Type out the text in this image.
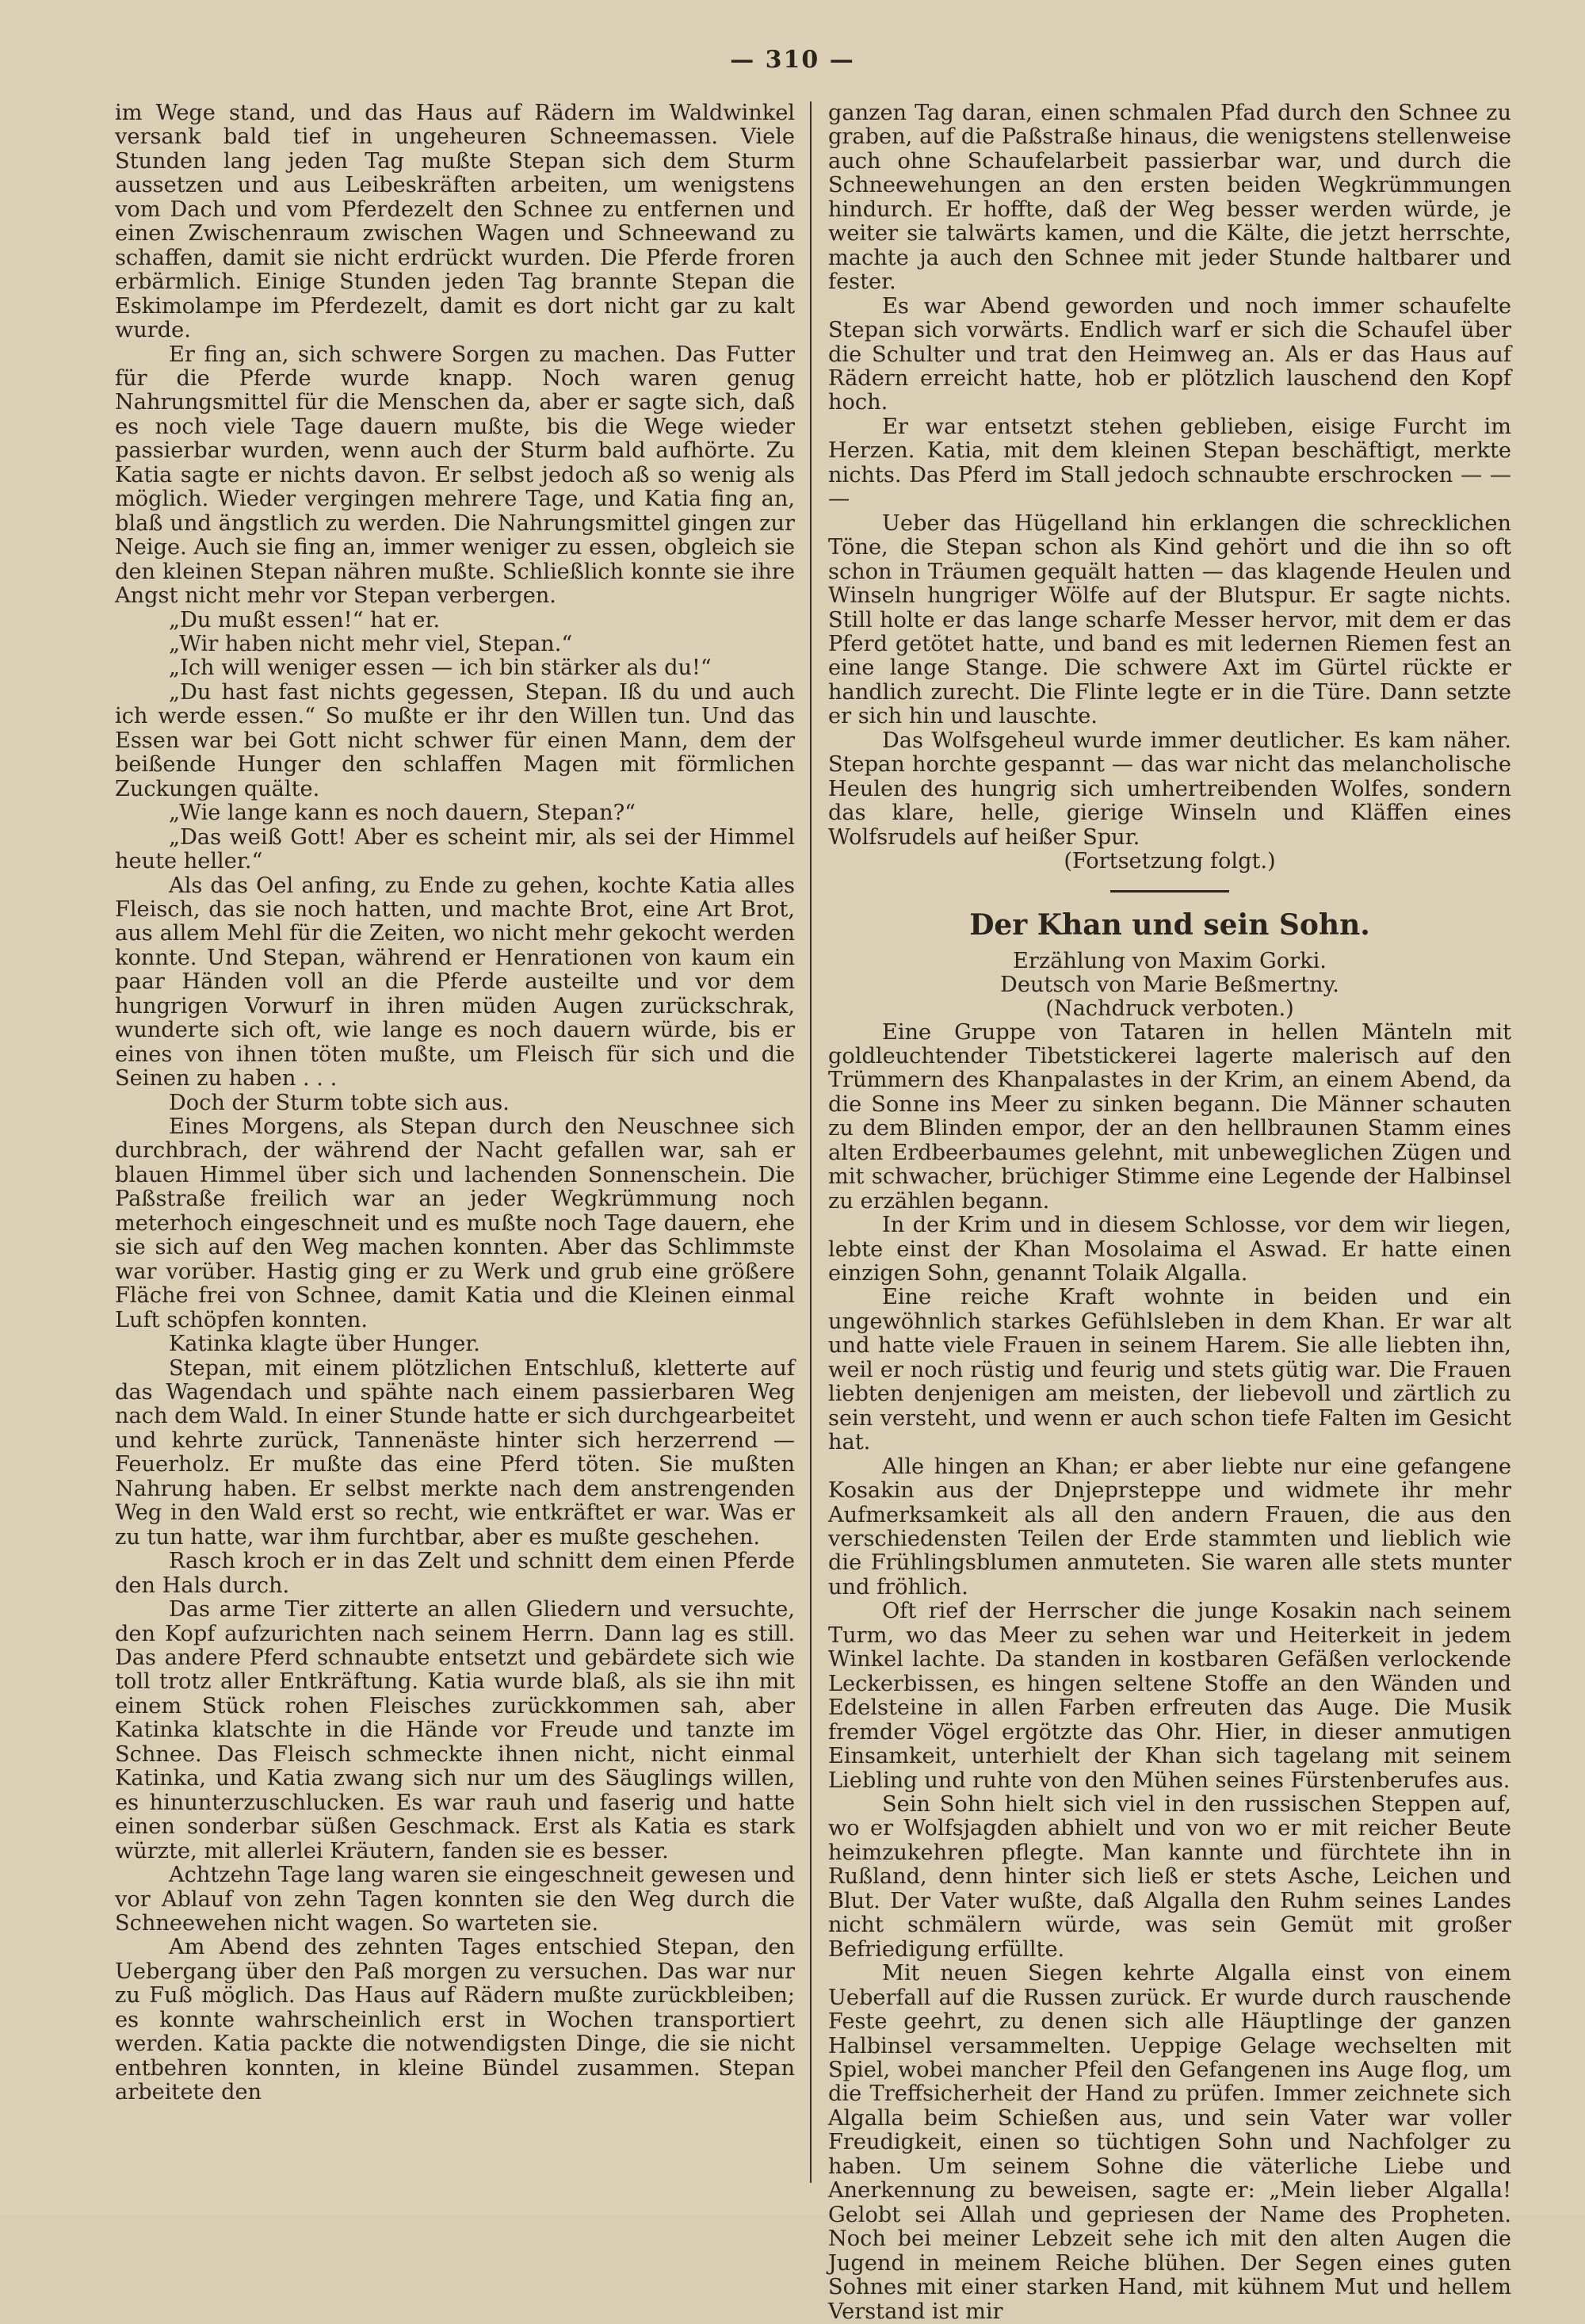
— 310 —

im Wege stand, und das Haus auf Rädern im Waldwinkel versank bald tief in ungeheuren Schneemassen. Viele Stunden lang jeden Tag mußte Stepan sich dem Sturm aussetzen und aus Leibeskräften arbeiten, um wenigstens vom Dach und vom Pferdezelt den Schnee zu entfernen und einen Zwischenraum zwischen Wagen und Schneewand zu schaffen, damit sie nicht erdrückt wurden. Die Pferde froren erbärmlich. Einige Stunden jeden Tag brannte Stepan die Eskimolampe im Pferdezelt, damit es dort nicht gar zu kalt wurde.

Er fing an, sich schwere Sorgen zu machen. Das Futter für die Pferde wurde knapp. Noch waren genug Nahrungsmittel für die Menschen da, aber er sagte sich, daß es noch viele Tage dauern mußte, bis die Wege wieder passierbar wurden, wenn auch der Sturm bald aufhörte. Zu Katia sagte er nichts davon. Er selbst jedoch aß so wenig als möglich. Wieder vergingen mehrere Tage, und Katia fing an, blaß und ängstlich zu werden. Die Nahrungsmittel gingen zur Neige. Auch sie fing an, immer weniger zu essen, obgleich sie den kleinen Stepan nähren mußte. Schließlich konnte sie ihre Angst nicht mehr vor Stepan verbergen.

„Du mußt essen!“ hat er.

„Wir haben nicht mehr viel, Stepan.“

„Ich will weniger essen — ich bin stärker als du!“

„Du hast fast nichts gegessen, Stepan. Iß du und auch ich werde essen.“ So mußte er ihr den Willen tun. Und das Essen war bei Gott nicht schwer für einen Mann, dem der beißende Hunger den schlaffen Magen mit förmlichen Zuckungen quälte.

„Wie lange kann es noch dauern, Stepan?“

„Das weiß Gott! Aber es scheint mir, als sei der Himmel heute heller.“

Als das Oel anfing, zu Ende zu gehen, kochte Katia alles Fleisch, das sie noch hatten, und machte Brot, eine Art Brot, aus allem Mehl für die Zeiten, wo nicht mehr gekocht werden konnte. Und Stepan, während er Henrationen von kaum ein paar Händen voll an die Pferde austeilte und vor dem hungrigen Vorwurf in ihren müden Augen zurückschrak, wunderte sich oft, wie lange es noch dauern würde, bis er eines von ihnen töten mußte, um Fleisch für sich und die Seinen zu haben . . .

Doch der Sturm tobte sich aus.

Eines Morgens, als Stepan durch den Neuschnee sich durchbrach, der während der Nacht gefallen war, sah er blauen Himmel über sich und lachenden Sonnenschein. Die Paßstraße freilich war an jeder Wegkrümmung noch meterhoch eingeschneit und es mußte noch Tage dauern, ehe sie sich auf den Weg machen konnten. Aber das Schlimmste war vorüber. Hastig ging er zu Werk und grub eine größere Fläche frei von Schnee, damit Katia und die Kleinen einmal Luft schöpfen konnten.

Katinka klagte über Hunger.

Stepan, mit einem plötzlichen Entschluß, kletterte auf das Wagendach und spähte nach einem passierbaren Weg nach dem Wald. In einer Stunde hatte er sich durchgearbeitet und kehrte zurück, Tannenäste hinter sich herzerrend — Feuerholz. Er mußte das eine Pferd töten. Sie mußten Nahrung haben. Er selbst merkte nach dem anstrengenden Weg in den Wald erst so recht, wie entkräftet er war. Was er zu tun hatte, war ihm furchtbar, aber es mußte geschehen.

Rasch kroch er in das Zelt und schnitt dem einen Pferde den Hals durch.

Das arme Tier zitterte an allen Gliedern und versuchte, den Kopf aufzurichten nach seinem Herrn. Dann lag es still. Das andere Pferd schnaubte entsetzt und gebärdete sich wie toll trotz aller Entkräftung. Katia wurde blaß, als sie ihn mit einem Stück rohen Fleisches zurückkommen sah, aber Katinka klatschte in die Hände vor Freude und tanzte im Schnee. Das Fleisch schmeckte ihnen nicht, nicht einmal Katinka, und Katia zwang sich nur um des Säuglings willen, es hinunterzuschlucken. Es war rauh und faserig und hatte einen sonderbar süßen Geschmack. Erst als Katia es stark würzte, mit allerlei Kräutern, fanden sie es besser.

Achtzehn Tage lang waren sie eingeschneit gewesen und vor Ablauf von zehn Tagen konnten sie den Weg durch die Schneewehen nicht wagen. So warteten sie.

Am Abend des zehnten Tages entschied Stepan, den Uebergang über den Paß morgen zu versuchen. Das war nur zu Fuß möglich. Das Haus auf Rädern mußte zurückbleiben; es konnte wahrscheinlich erst in Wochen transportiert werden. Katia packte die notwendigsten Dinge, die sie nicht entbehren konnten, in kleine Bündel zusammen. Stepan arbeitete den

ganzen Tag daran, einen schmalen Pfad durch den Schnee zu graben, auf die Paßstraße hinaus, die wenigstens stellenweise auch ohne Schaufelarbeit passierbar war, und durch die Schneewehungen an den ersten beiden Wegkrümmungen hindurch. Er hoffte, daß der Weg besser werden würde, je weiter sie talwärts kamen, und die Kälte, die jetzt herrschte, machte ja auch den Schnee mit jeder Stunde haltbarer und fester.

Es war Abend geworden und noch immer schaufelte Stepan sich vorwärts. Endlich warf er sich die Schaufel über die Schulter und trat den Heimweg an. Als er das Haus auf Rädern erreicht hatte, hob er plötzlich lauschend den Kopf hoch.

Er war entsetzt stehen geblieben, eisige Furcht im Herzen. Katia, mit dem kleinen Stepan beschäftigt, merkte nichts. Das Pferd im Stall jedoch schnaubte erschrocken — — —

Ueber das Hügelland hin erklangen die schrecklichen Töne, die Stepan schon als Kind gehört und die ihn so oft schon in Träumen gequält hatten — das klagende Heulen und Winseln hungriger Wölfe auf der Blutspur. Er sagte nichts. Still holte er das lange scharfe Messer hervor, mit dem er das Pferd getötet hatte, und band es mit ledernen Riemen fest an eine lange Stange. Die schwere Axt im Gürtel rückte er handlich zurecht. Die Flinte legte er in die Türe. Dann setzte er sich hin und lauschte.

Das Wolfsgeheul wurde immer deutlicher. Es kam näher. Stepan horchte gespannt — das war nicht das melancholische Heulen des hungrig sich umhertreibenden Wolfes, sondern das klare, helle, gierige Winseln und Kläffen eines Wolfsrudels auf heißer Spur.

(Fortsetzung folgt.)

Der Khan und sein Sohn.
Erzählung von Maxim Gorki.
Deutsch von Marie Beßmertny.
(Nachdruck verboten.)

Eine Gruppe von Tataren in hellen Mänteln mit goldleuchtender Tibetstickerei lagerte malerisch auf den Trümmern des Khanpalastes in der Krim, an einem Abend, da die Sonne ins Meer zu sinken begann. Die Männer schauten zu dem Blinden empor, der an den hellbraunen Stamm eines alten Erdbeerbaumes gelehnt, mit unbeweglichen Zügen und mit schwacher, brüchiger Stimme eine Legende der Halbinsel zu erzählen begann.

In der Krim und in diesem Schlosse, vor dem wir liegen, lebte einst der Khan Mosolaima el Aswad. Er hatte einen einzigen Sohn, genannt Tolaik Algalla.

Eine reiche Kraft wohnte in beiden und ein ungewöhnlich starkes Gefühlsleben in dem Khan. Er war alt und hatte viele Frauen in seinem Harem. Sie alle liebten ihn, weil er noch rüstig und feurig und stets gütig war. Die Frauen liebten denjenigen am meisten, der liebevoll und zärtlich zu sein versteht, und wenn er auch schon tiefe Falten im Gesicht hat.

Alle hingen an Khan; er aber liebte nur eine gefangene Kosakin aus der Dnjeprsteppe und widmete ihr mehr Aufmerksamkeit als all den andern Frauen, die aus den verschiedensten Teilen der Erde stammten und lieblich wie die Frühlingsblumen anmuteten. Sie waren alle stets munter und fröhlich.

Oft rief der Herrscher die junge Kosakin nach seinem Turm, wo das Meer zu sehen war und Heiterkeit in jedem Winkel lachte. Da standen in kostbaren Gefäßen verlockende Leckerbissen, es hingen seltene Stoffe an den Wänden und Edelsteine in allen Farben erfreuten das Auge. Die Musik fremder Vögel ergötzte das Ohr. Hier, in dieser anmutigen Einsamkeit, unterhielt der Khan sich tagelang mit seinem Liebling und ruhte von den Mühen seines Fürstenberufes aus.

Sein Sohn hielt sich viel in den russischen Steppen auf, wo er Wolfsjagden abhielt und von wo er mit reicher Beute heimzukehren pflegte. Man kannte und fürchtete ihn in Rußland, denn hinter sich ließ er stets Asche, Leichen und Blut. Der Vater wußte, daß Algalla den Ruhm seines Landes nicht schmälern würde, was sein Gemüt mit großer Befriedigung erfüllte.

Mit neuen Siegen kehrte Algalla einst von einem Ueberfall auf die Russen zurück. Er wurde durch rauschende Feste geehrt, zu denen sich alle Häuptlinge der ganzen Halbinsel versammelten. Ueppige Gelage wechselten mit Spiel, wobei mancher Pfeil den Gefangenen ins Auge flog, um die Treffsicherheit der Hand zu prüfen. Immer zeichnete sich Algalla beim Schießen aus, und sein Vater war voller Freudigkeit, einen so tüchtigen Sohn und Nachfolger zu haben. Um seinem Sohne die väterliche Liebe und Anerkennung zu beweisen, sagte er: „Mein lieber Algalla! Gelobt sei Allah und gepriesen der Name des Propheten. Noch bei meiner Lebzeit sehe ich mit den alten Augen die Jugend in meinem Reiche blühen. Der Segen eines guten Sohnes mit einer starken Hand, mit kühnem Mut und hellem Verstand ist mir
